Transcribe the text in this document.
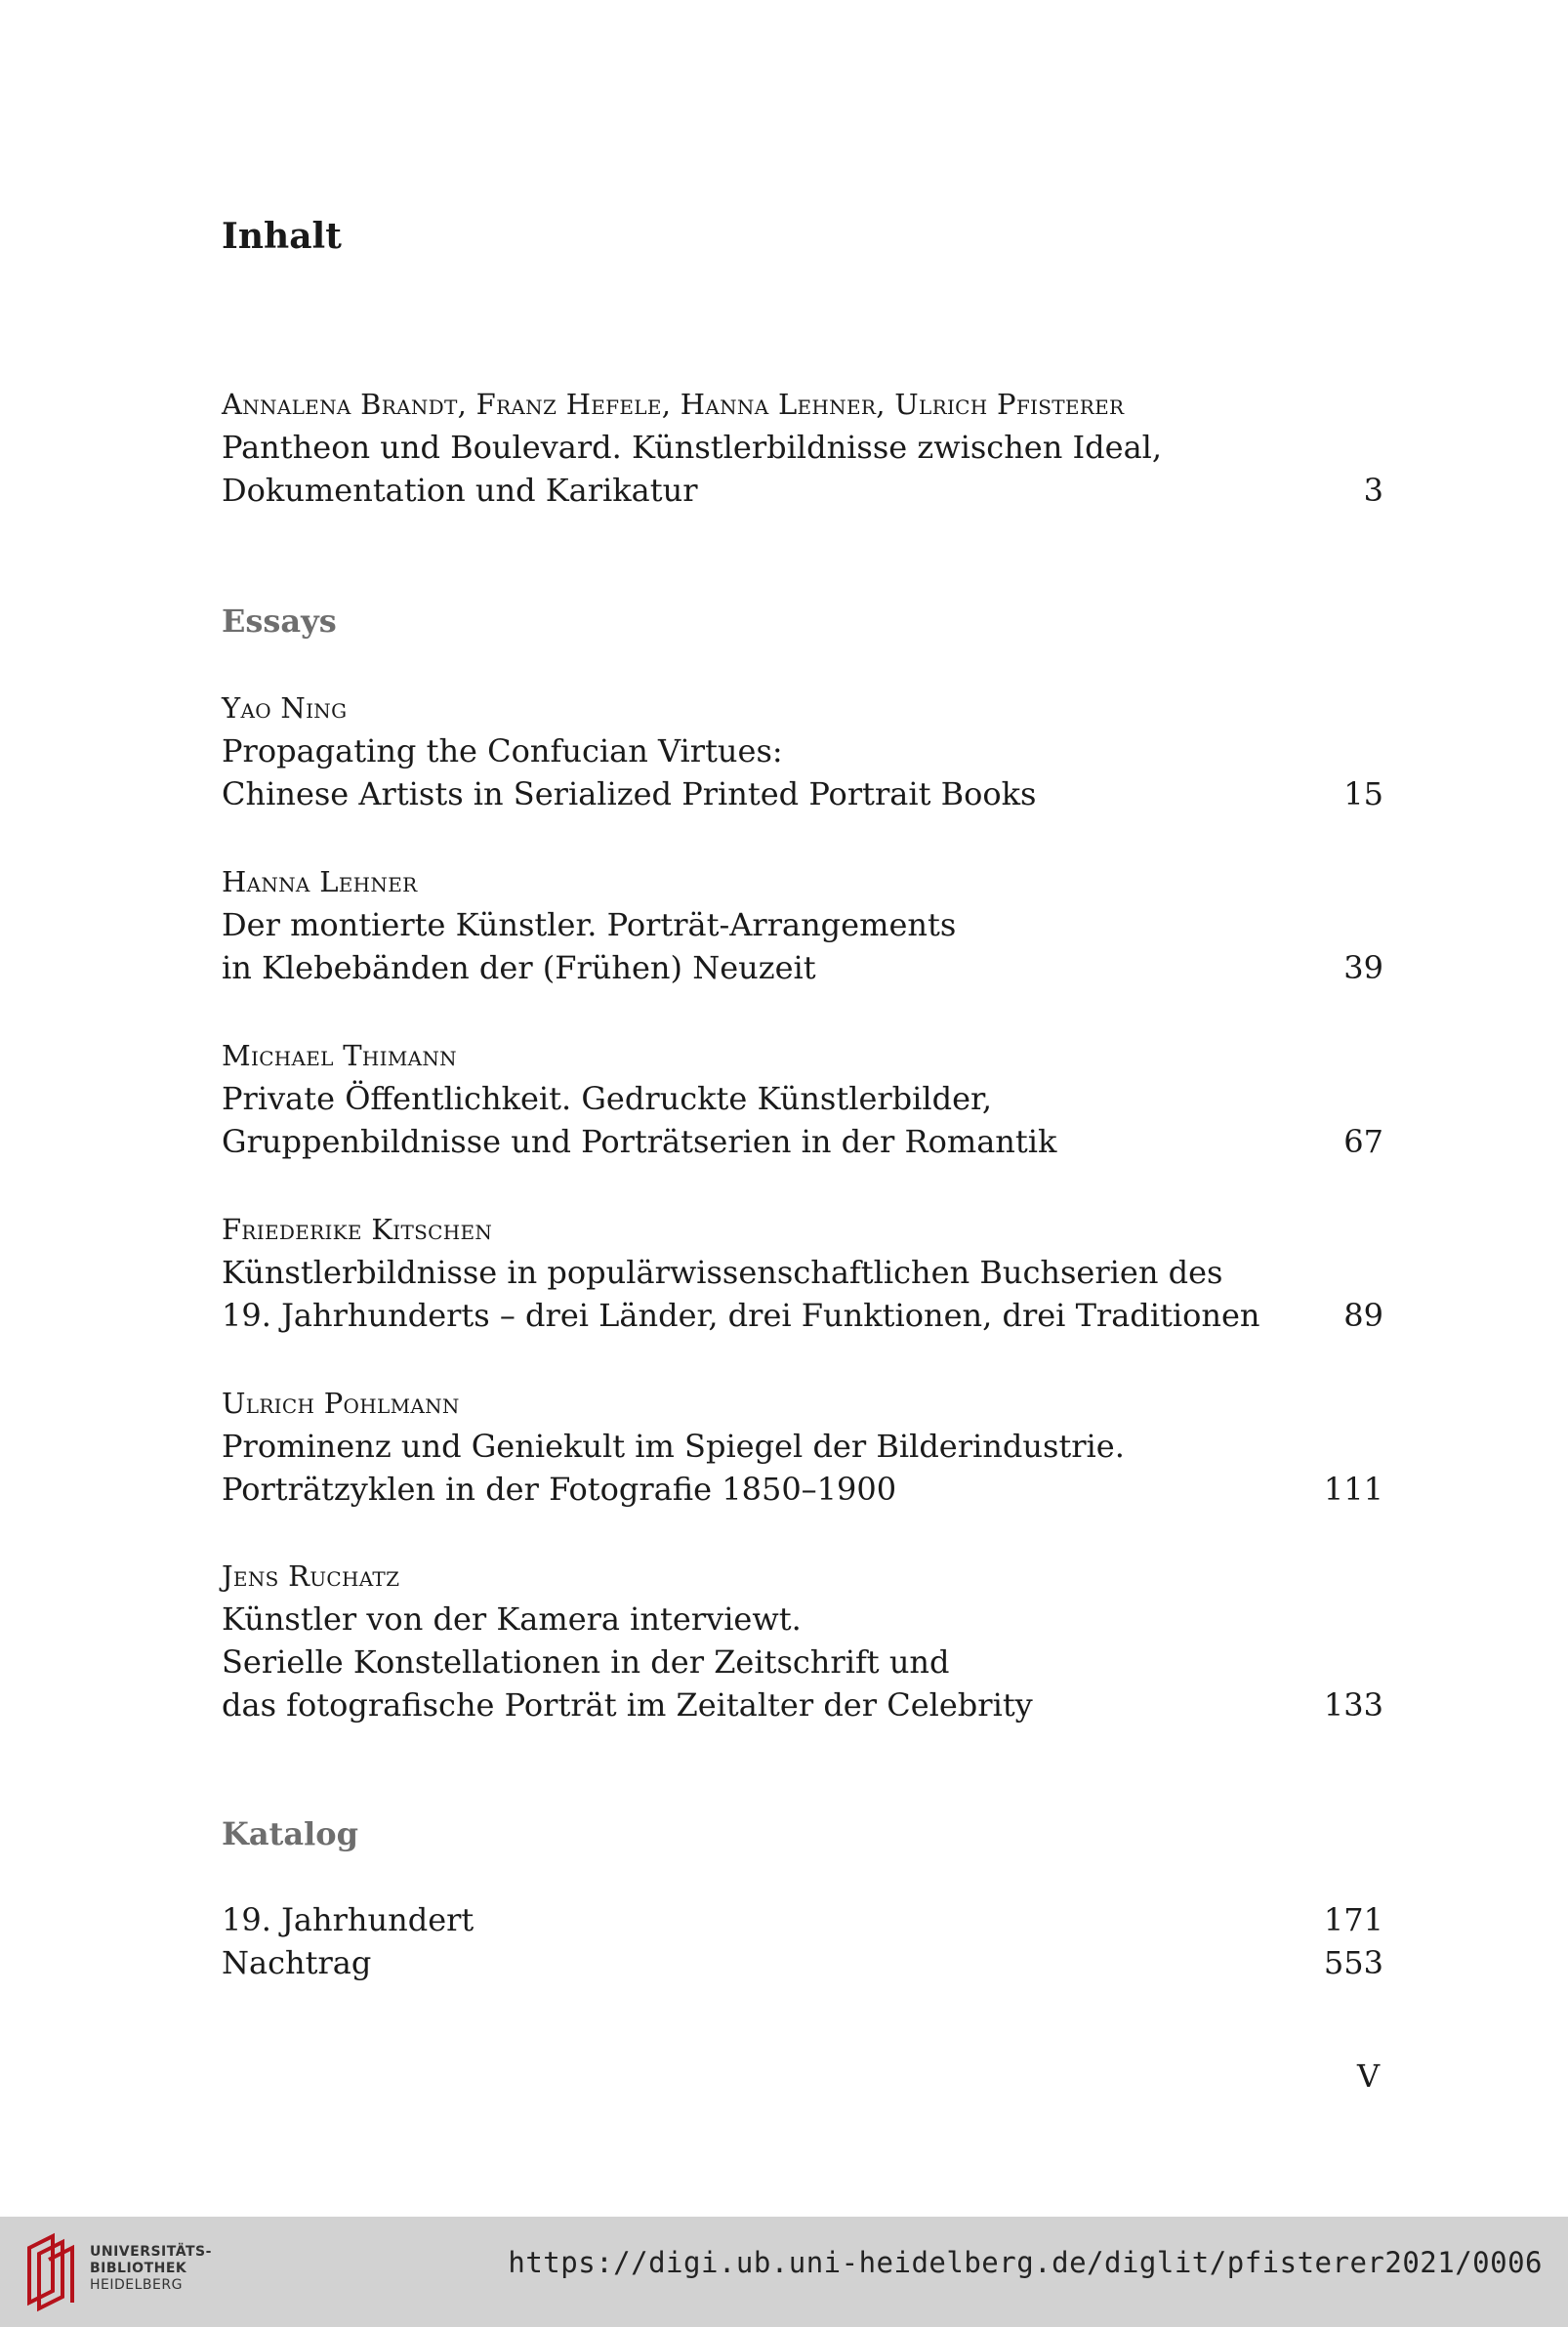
Inhalt
Annalena Brandt, Franz Hefele, Hanna Lehner, Ulrich Pfisterer
Pantheon und Boulevard. Künstlerbildnisse zwischen Ideal,
Dokumentation und Karikatur	3
Essays
Yao Ning
Propagating the Confucian Virtues:
Chinese Artists in Serialized Printed Portrait Books	15
Hanna Lehner
Der montierte Künstler. Porträt-Arrangements
in Klebebänden der (Frühen) Neuzeit	39
Michael Thimann
Private Öffentlichkeit. Gedruckte Künstlerbilder,
Gruppenbildnisse und Porträtserien in der Romantik	67
Friederike Kitschen
Künstlerbildnisse in populärwissenschaftlichen Buchserien des
19. Jahrhunderts – drei Länder, drei Funktionen, drei Traditionen	89
Ulrich Pohlmann
Prominenz und Geniekult im Spiegel der Bilderindustrie.
Porträtzyklen in der Fotografie 1850–1900	111
Jens Ruchatz
Künstler von der Kamera interviewt.
Serielle Konstellationen in der Zeitschrift und
das fotografische Porträt im Zeitalter der Celebrity	133
Katalog
19. Jahrhundert	171
Nachtrag	553
V
UNIVERSITÄTS-
BIBLIOTHEK
HEIDELBERG
https://digi.ub.uni-heidelberg.de/diglit/pfisterer2021/0006
